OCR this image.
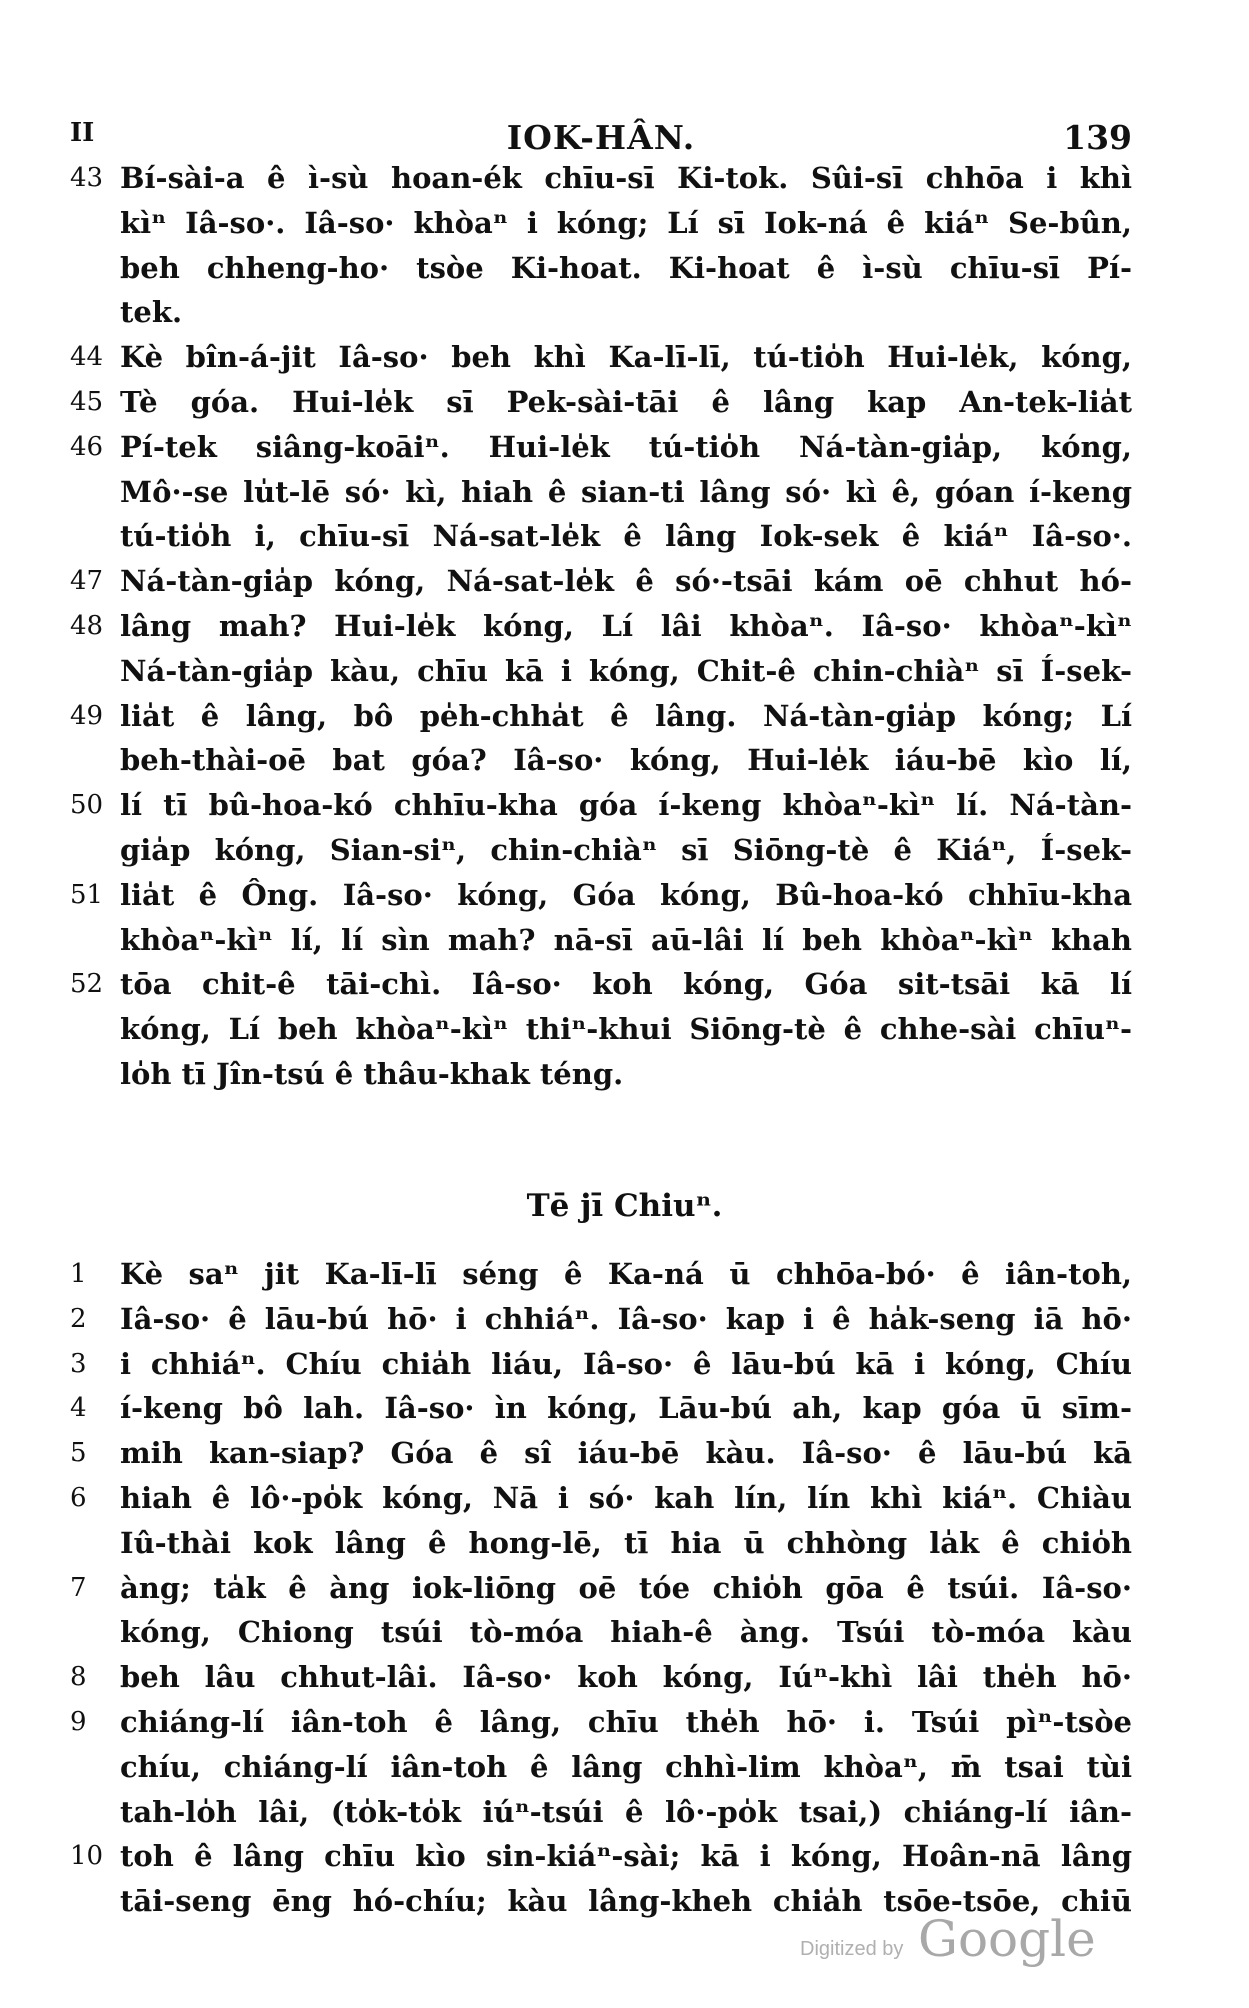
II	IOK-HÂN.	139
43 Bí-sài-a ê ì-sù hoan-ék chīu-sī Ki-tok. Sûi-sī chhōa i khì
kìⁿ Iâ-so·. Iâ-so· khòaⁿ i kóng; Lí sī Iok-ná ê kiáⁿ Se-bûn,
beh chheng-ho· tsòe Ki-hoat. Ki-hoat ê ì-sù chīu-sī Pí-
tek.
44 Kè bîn-á-jit Iâ-so· beh khì Ka-lī-lī, tú-tio̍h Hui-le̍k, kóng,
45 Tè góa. Hui-le̍k sī Pek-sài-tāi ê lâng kap An-tek-lia̍t
46 Pí-tek siâng-koāiⁿ. Hui-le̍k tú-tio̍h Ná-tàn-gia̍p, kóng,
Mô·-se lu̍t-lē só· kì, hiah ê sian-ti lâng só· kì ê, góan í-keng
tú-tio̍h i, chīu-sī Ná-sat-le̍k ê lâng Iok-sek ê kiáⁿ Iâ-so·.
47 Ná-tàn-gia̍p kóng, Ná-sat-le̍k ê só·-tsāi kám oē chhut hó-
48 lâng mah? Hui-le̍k kóng, Lí lâi khòaⁿ. Iâ-so· khòaⁿ-kìⁿ
Ná-tàn-gia̍p kàu, chīu kā i kóng, Chit-ê chin-chiàⁿ sī Í-sek-
49 lia̍t ê lâng, bô pe̍h-chha̍t ê lâng. Ná-tàn-gia̍p kóng; Lí
beh-thài-oē bat góa? Iâ-so· kóng, Hui-le̍k iáu-bē kìo lí,
50 lí tī bû-hoa-kó chhīu-kha góa í-keng khòaⁿ-kìⁿ lí. Ná-tàn-
gia̍p kóng, Sian-siⁿ, chin-chiàⁿ sī Siōng-tè ê Kiáⁿ, Í-sek-
51 lia̍t ê Ông. Iâ-so· kóng, Góa kóng, Bû-hoa-kó chhīu-kha
khòaⁿ-kìⁿ lí, lí sìn mah? nā-sī aū-lâi lí beh khòaⁿ-kìⁿ khah
52 tōa chit-ê tāi-chì. Iâ-so· koh kóng, Góa sit-tsāi kā lí
kóng, Lí beh khòaⁿ-kìⁿ thiⁿ-khui Siōng-tè ê chhe-sài chīuⁿ-
lo̍h tī Jîn-tsú ê thâu-khak téng.
Tē jī Chiuⁿ.
1	Kè saⁿ jit Ka-lī-lī séng ê Ka-ná ū chhōa-bó· ê iân-toh,
2	Iâ-so· ê lāu-bú hō· i chhiáⁿ. Iâ-so· kap i ê ha̍k-seng iā hō·
3	i chhiáⁿ. Chíu chia̍h liáu, Iâ-so· ê lāu-bú kā i kóng, Chíu
4	í-keng bô lah. Iâ-so· ìn kóng, Lāu-bú ah, kap góa ū sīm-
5	mih kan-siap? Góa ê sî iáu-bē kàu. Iâ-so· ê lāu-bú kā
6	hiah ê lô·-po̍k kóng, Nā i só· kah lín, lín khì kiáⁿ. Chiàu
Iû-thài kok lâng ê hong-lē, tī hia ū chhòng la̍k ê chio̍h
7	àng; ta̍k ê àng iok-liōng oē tóe chio̍h gōa ê tsúi. Iâ-so·
kóng, Chiong tsúi tò-móa hiah-ê àng. Tsúi tò-móa kàu
8	beh lâu chhut-lâi. Iâ-so· koh kóng, Iúⁿ-khì lâi the̍h hō·
9	chiáng-lí iân-toh ê lâng, chīu the̍h hō· i. Tsúi pìⁿ-tsòe
chíu, chiáng-lí iân-toh ê lâng chhì-lim khòaⁿ, m̄ tsai tùi
tah-lo̍h lâi, (to̍k-to̍k iúⁿ-tsúi ê lô·-po̍k tsai,) chiáng-lí iân-
10 toh ê lâng chīu kìo sin-kiáⁿ-sài; kā i kóng, Hoân-nā lâng
tāi-seng ēng hó-chíu; kàu lâng-kheh chia̍h tsōe-tsōe, chiū
Digitized by Google
